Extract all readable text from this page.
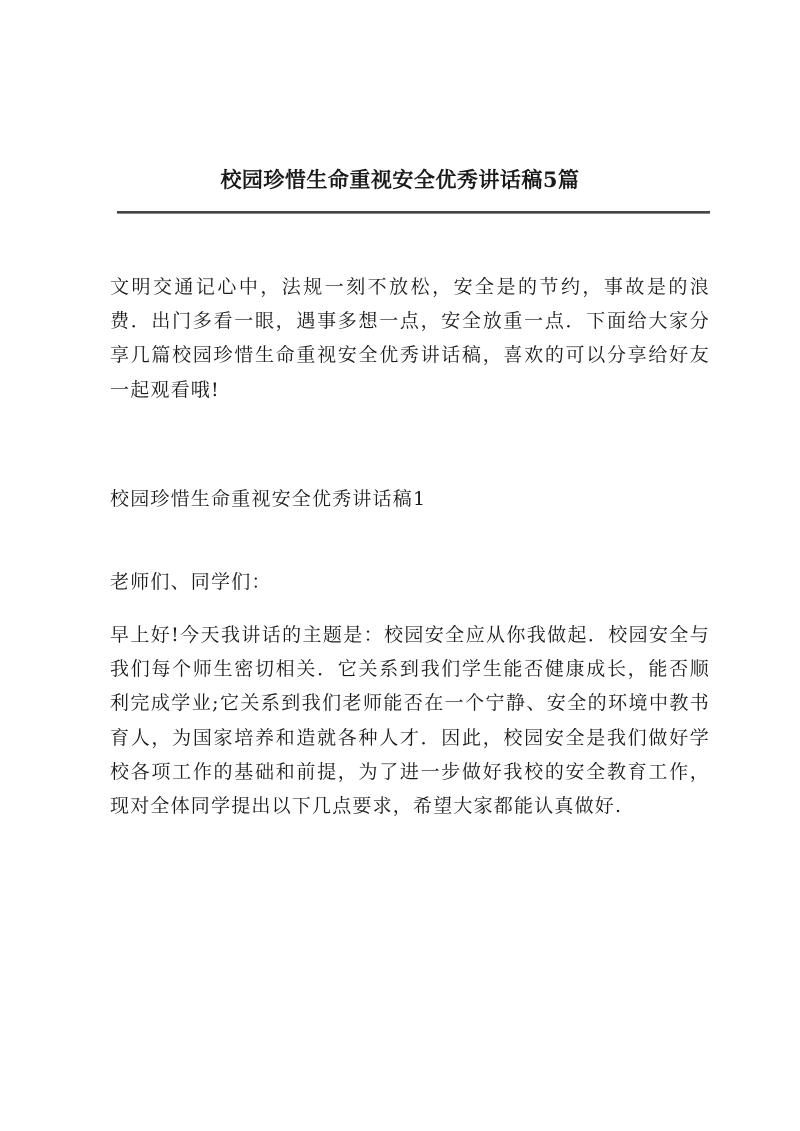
校园珍惜生命重视安全优秀讲话稿5篇

文明交通记心中，法规一刻不放松，安全是的节约，事故是的浪费．出门多看一眼，遇事多想一点，安全放重一点．下面给大家分享几篇校园珍惜生命重视安全优秀讲话稿，喜欢的可以分享给好友一起观看哦!

校园珍惜生命重视安全优秀讲话稿1

老师们、同学们：

早上好!今天我讲话的主题是：校园安全应从你我做起．校园安全与我们每个师生密切相关．它关系到我们学生能否健康成长，能否顺利完成学业;它关系到我们老师能否在一个宁静、安全的环境中教书育人，为国家培养和造就各种人才．因此，校园安全是我们做好学校各项工作的基础和前提，为了进一步做好我校的安全教育工作，现对全体同学提出以下几点要求，希望大家都能认真做好.
